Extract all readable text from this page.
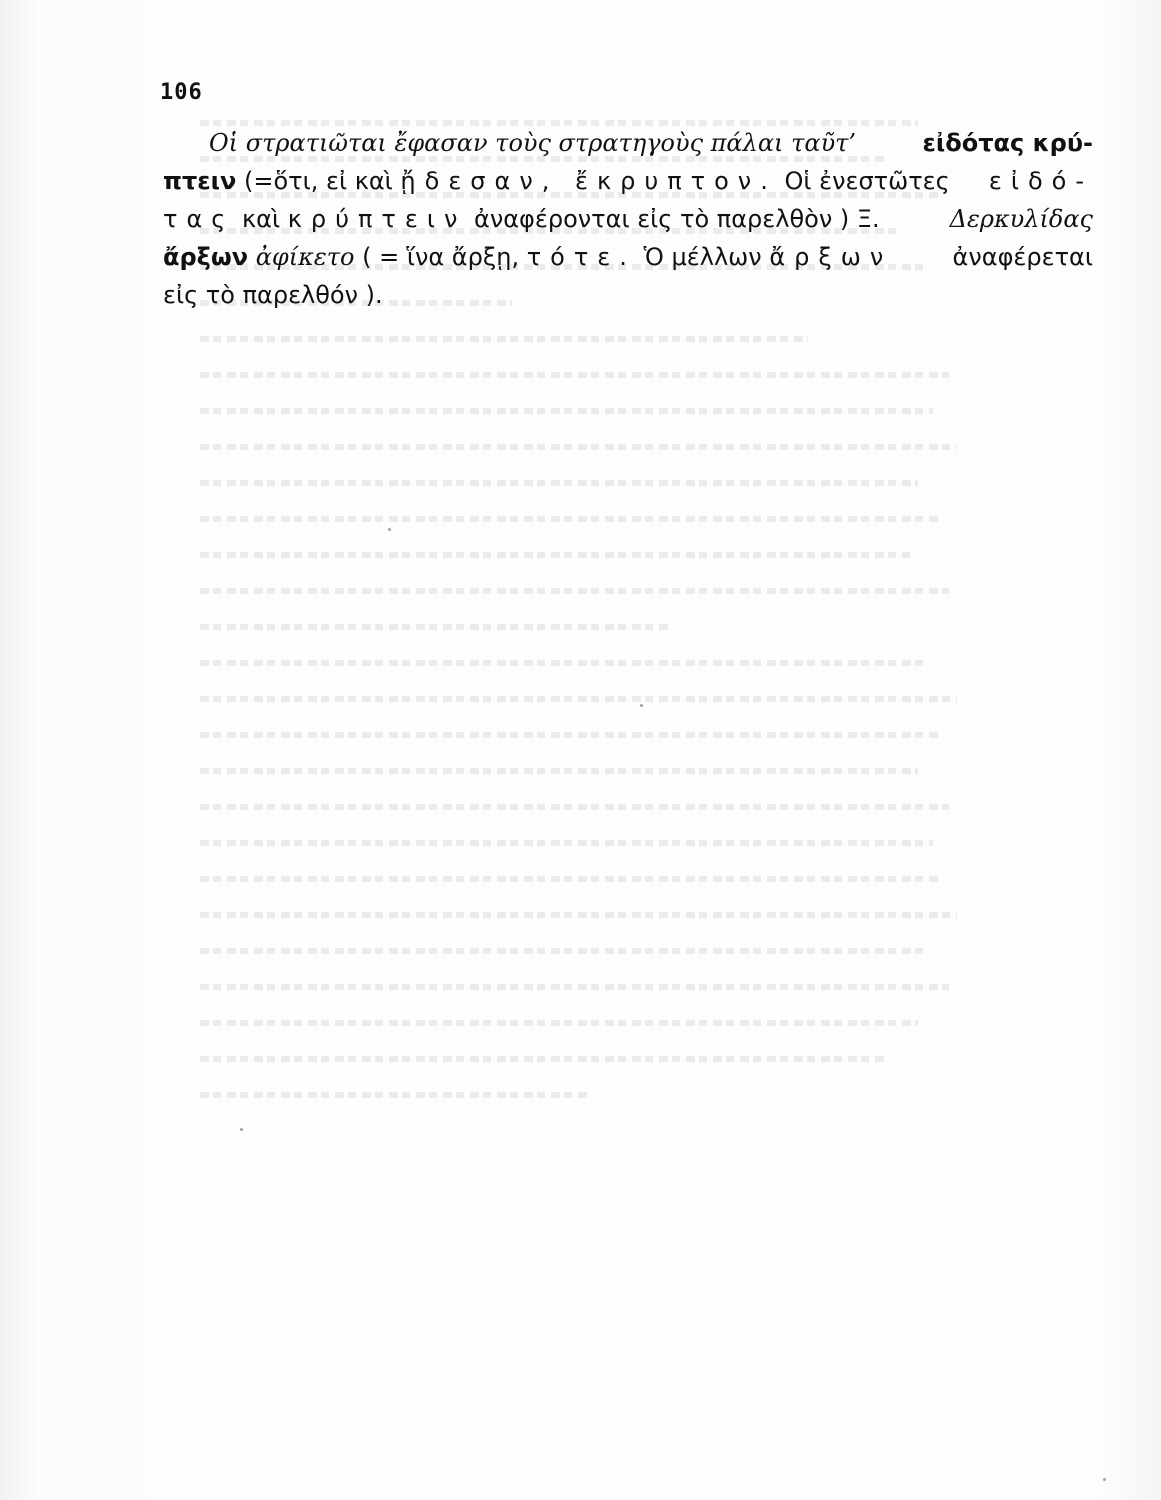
106
Οἱ στρατιῶται ἔφασαν τοὺς στρατηγοὺς πάλαι ταῦτ’	εἰδότας κρύ-
πτειν (=ὅτι, εἰ καὶ ᾔδεσαν, ἔκρυπτον. Οἱ ἐνεστῶτες εἰδό-
τας καὶ κρύπτειν ἀναφέρονται εἰς τὸ παρελθὸν ) Ξ.	Δερκυλίδας
ἄρξων ἀφίκετο ( = ἵνα ἄρξῃ, τότε. Ὁ μέλλων ἄρξων	ἀναφέρεται
εἰς τὸ παρελθόν ).
